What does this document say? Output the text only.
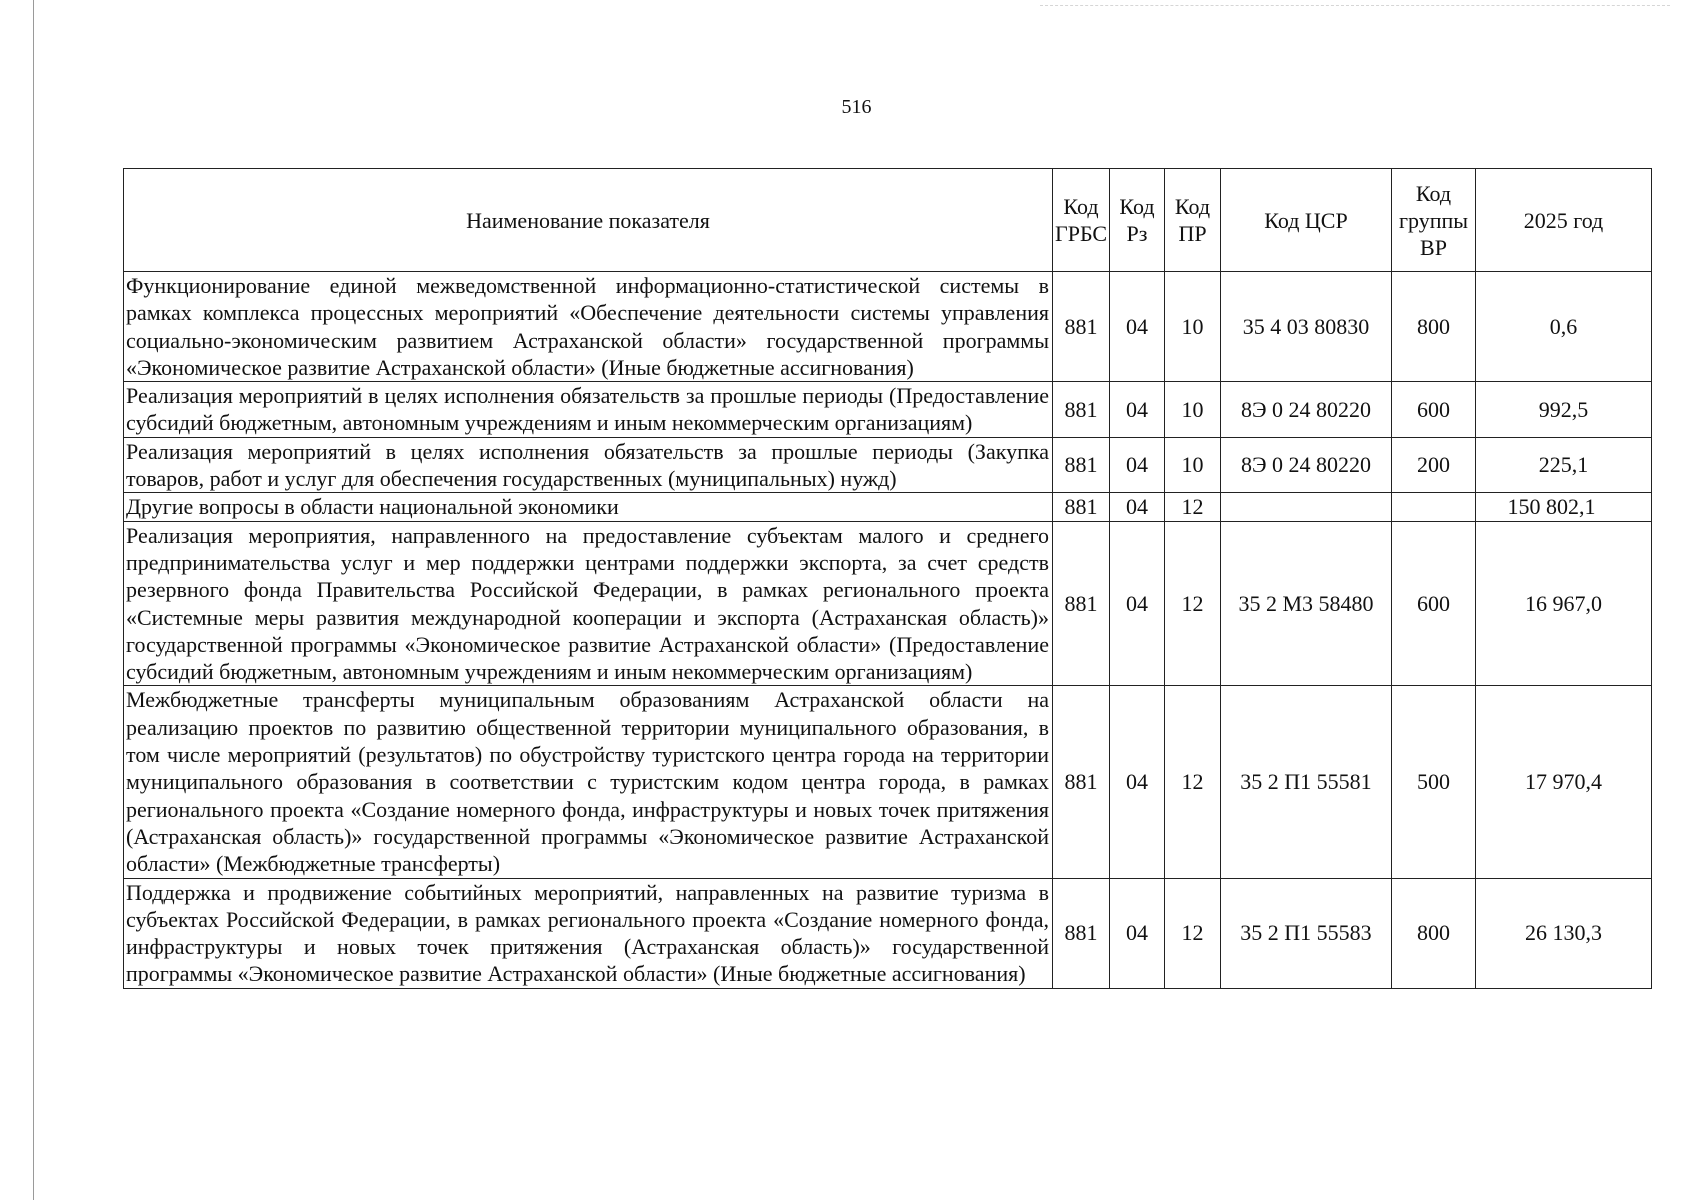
516
Наименование показателя	Код ГРБС	Код Рз	Код ПР	Код ЦСР	Код группы ВР	2025 год
Функционирование единой межведомственной информационно-статистической системы в рамках комплекса процессных мероприятий «Обеспечение деятельности системы управления социально-экономическим развитием Астраханской области» государственной программы «Экономическое развитие Астраханской области» (Иные бюджетные ассигнования)	881	04	10	35 4 03 80830	800	0,6
Реализация мероприятий в целях исполнения обязательств за прошлые периоды (Предоставление субсидий бюджетным, автономным учреждениям и иным некоммерческим организациям)	881	04	10	8Э 0 24 80220	600	992,5
Реализация мероприятий в целях исполнения обязательств за прошлые периоды (Закупка товаров, работ и услуг для обеспечения государственных (муниципальных) нужд)	881	04	10	8Э 0 24 80220	200	225,1
Другие вопросы в области национальной экономики	881	04	12			150 802,1
Реализация мероприятия, направленного на предоставление субъектам малого и среднего предпринимательства услуг и мер поддержки центрами поддержки экспорта, за счет средств резервного фонда Правительства Российской Федерации, в рамках регионального проекта «Системные меры развития международной кооперации и экспорта (Астраханская область)» государственной программы «Экономическое развитие Астраханской области» (Предоставление субсидий бюджетным, автономным учреждениям и иным некоммерческим организациям)	881	04	12	35 2 М3 58480	600	16 967,0
Межбюджетные трансферты муниципальным образованиям Астраханской области на реализацию проектов по развитию общественной территории муниципального образования, в том числе мероприятий (результатов) по обустройству туристского центра города на территории муниципального образования в соответствии с туристским кодом центра города, в рамках регионального проекта «Создание номерного фонда, инфраструктуры и новых точек притяжения (Астраханская область)» государственной программы «Экономическое развитие Астраханской области» (Межбюджетные трансферты)	881	04	12	35 2 П1 55581	500	17 970,4
Поддержка и продвижение событийных мероприятий, направленных на развитие туризма в субъектах Российской Федерации, в рамках регионального проекта «Создание номерного фонда, инфраструктуры и новых точек притяжения (Астраханская область)» государственной программы «Экономическое развитие Астраханской области» (Иные бюджетные ассигнования)	881	04	12	35 2 П1 55583	800	26 130,3
